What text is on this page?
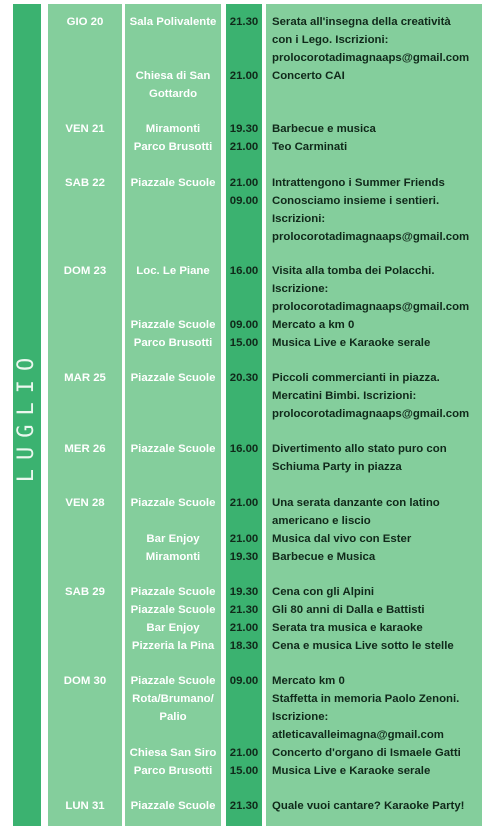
LUGLIO
GIO 20	Sala Polivalente	21.30	Serata all'insegna della creatività
con i Lego. Iscrizioni:
prolocorotadimagnaaps@gmail.com
Chiesa di San	21.00	Concerto CAI
Gottardo
VEN 21	Miramonti	19.30	Barbecue e musica
Parco Brusotti	21.00	Teo Carminati
SAB 22	Piazzale Scuole	21.00	Intrattengono i Summer Friends
09.00	Conosciamo insieme i sentieri.
Iscrizioni:
prolocorotadimagnaaps@gmail.com
DOM 23	Loc. Le Piane	16.00	Visita alla tomba dei Polacchi.
Iscrizione:
prolocorotadimagnaaps@gmail.com
Piazzale Scuole	09.00	Mercato a km 0
Parco Brusotti	15.00	Musica Live e Karaoke serale
MAR 25	Piazzale Scuole	20.30	Piccoli commercianti in piazza.
Mercatini Bimbi. Iscrizioni:
prolocorotadimagnaaps@gmail.com
MER 26	Piazzale Scuole	16.00	Divertimento allo stato puro con
Schiuma Party in piazza
VEN 28	Piazzale Scuole	21.00	Una serata danzante con latino
americano e liscio
Bar Enjoy	21.00	Musica dal vivo con Ester
Miramonti	19.30	Barbecue e Musica
SAB 29	Piazzale Scuole	19.30	Cena con gli Alpini
Piazzale Scuole	21.30	Gli 80 anni di Dalla e Battisti
Bar Enjoy	21.00	Serata tra musica e karaoke
Pizzeria la Pina	18.30	Cena e musica Live sotto le stelle
DOM 30	Piazzale Scuole	09.00	Mercato km 0
Rota/Brumano/	Staffetta in memoria Paolo Zenoni.
Palio	Iscrizione:
atleticavalleimagna@gmail.com
Chiesa San Siro	21.00	Concerto d'organo di Ismaele Gatti
Parco Brusotti	15.00	Musica Live e Karaoke serale
LUN 31	Piazzale Scuole	21.30	Quale vuoi cantare? Karaoke Party!
